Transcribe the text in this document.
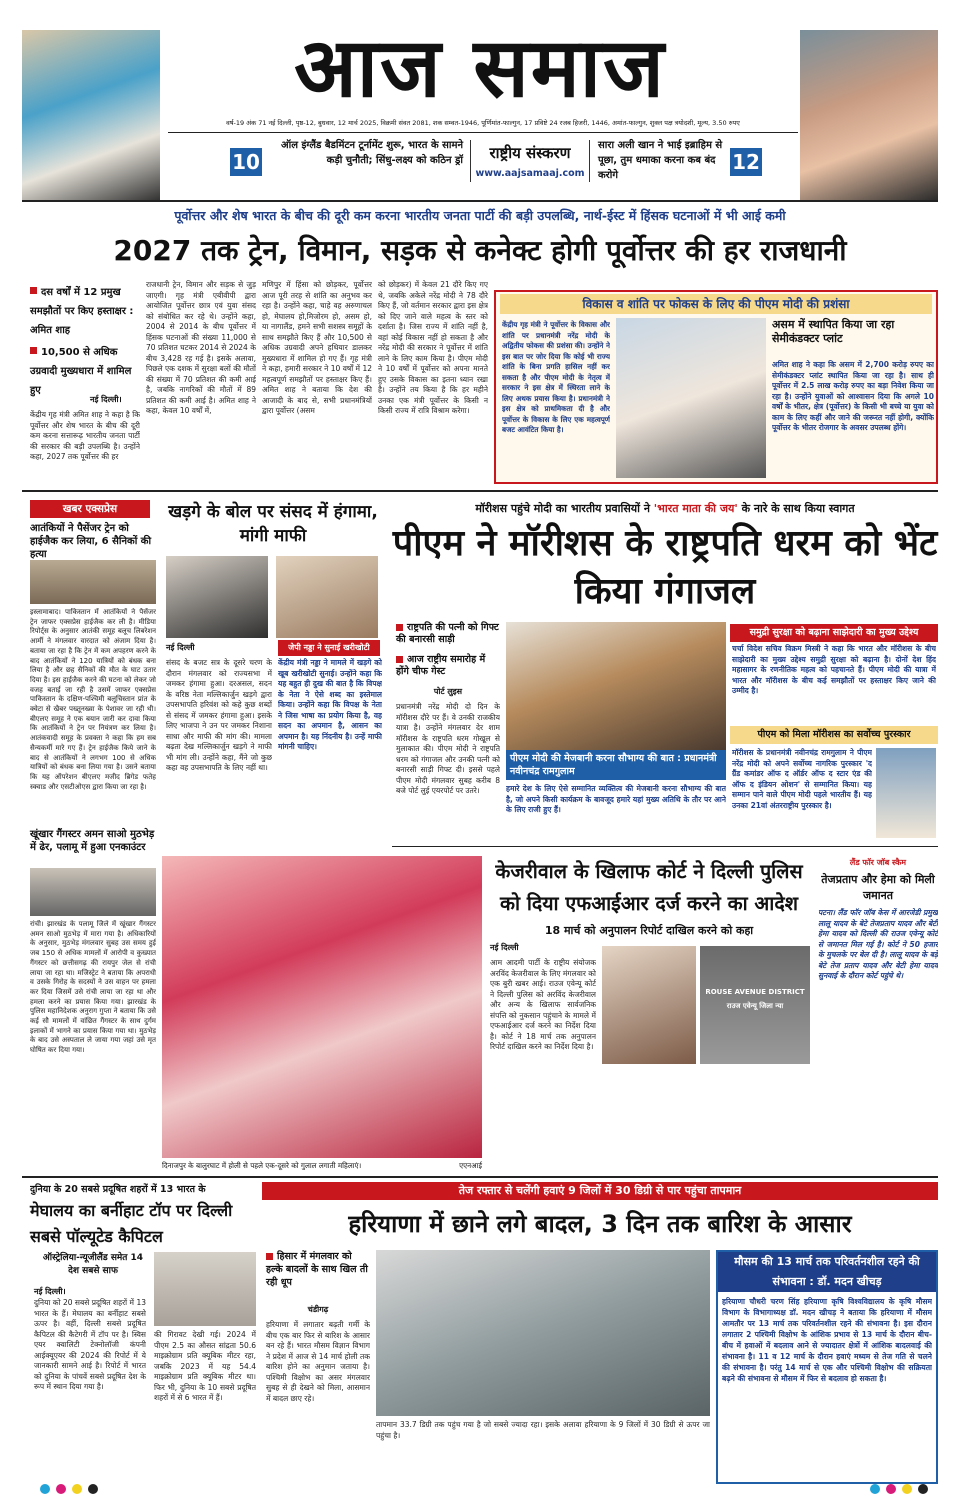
आज समाज
वर्ष-19 अंक 71 नई दिल्ली, पृष्ठ-12, बुधवार, 12 मार्च 2025, विक्रमी संवत 2081, शक सम्वत-1946, पूर्णिमांत-फाल्गुन, 17 प्रविष्टे 24 रजब हिजरी, 1446, अमांत-फाल्गुन, शुक्ल पक्ष त्रयोदशी, मूल्य, 3.50 रुपए
10
ऑल इंग्लैंड बैडमिंटन टूर्नामेंट शुरू, भारत के सामने कड़ी चुनौती; सिंधु-लक्ष्य को कठिन ड्रॉ	राष्ट्रीय संस्करण
www.aajsamaaj.com
सारा अली खान ने भाई इब्राहिम से पूछा, तुम धमाका करना कब बंद करोगे
12
पूर्वोत्तर और शेष भारत के बीच की दूरी कम करना भारतीय जनता पार्टी की बड़ी उपलब्धि, नार्थ-ईस्ट में हिंसक घटनाओं में भी आई कमी
2027 तक ट्रेन, विमान, सड़क से कनेक्ट होगी पूर्वोत्तर की हर राजधानी
दस वर्षों में 12 प्रमुख समझौतों पर किए हस्ताक्षर : अमित शाह
10,500 से अधिक उग्रवादी मुख्यधारा में शामिल हुए
नई दिल्ली।
केंद्रीय गृह मंत्री अमित शाह ने कहा है कि पूर्वोत्तर और शेष भारत के बीच की दूरी कम करना सत्तारूढ़ भारतीय जनता पार्टी की सरकार की बड़ी उपलब्धि है। उन्होंने कहा, 2027 तक पूर्वोत्तर की हर
राजधानी ट्रेन, विमान और सड़क से जुड़ जाएगी। गृह मंत्री एबीवीपी द्वारा आयोजित पूर्वोत्तर छात्र एवं युवा संसद को संबोधित कर रहे थे। उन्होंने कहा, 2004 से 2014 के बीच पूर्वोत्तर में हिंसक घटनाओं की संख्या 11,000 से 70 प्रतिशत घटकर 2014 से 2024 के बीच 3,428 रह गई है। इसके अलावा, पिछले एक दशक में सुरक्षा बलों की मौतों की संख्या में 70 प्रतिशत की कमी आई है, जबकि नागरिकों की मौतों में 89 प्रतिशत की कमी आई है। अमित शाह ने कहा, केवल 10 वर्षों में,
मणिपुर में हिंसा को छोड़कर, पूर्वोत्तर आज पूरी तरह से शांति का अनुभव कर रहा है। उन्होंने कहा, चाहे वह अरुणाचल हो, मेघालय हो,मिजोरम हो, असम हो, या नागालैंड, हमने सभी सशस्त्र समूहों के साथ समझौते किए हैं और 10,500 से अधिक उग्रवादी अपने हथियार डालकर मुख्यधारा में शामिल हो गए हैं। गृह मंत्री ने कहा, हमारी सरकार ने 10 वर्षों में 12 महत्वपूर्ण समझौतों पर हस्ताक्षर किए हैं। अमित शाह ने बताया कि देश की आजादी के बाद से, सभी प्रधानमंत्रियों द्वारा पूर्वोत्तर (असम
को छोड़कर) में केवल 21 दौरे किए गए थे, जबकि अकेले नरेंद्र मोदी ने 78 दौरे किए हैं, जो वर्तमान सरकार द्वारा इस क्षेत्र को दिए जाने वाले महत्व के स्तर को दर्शाता है। जिस राज्य में शांति नहीं है, वहां कोई विकास नहीं हो सकता है और नरेंद्र मोदी की सरकार ने पूर्वोत्तर में शांति लाने के लिए काम किया है। पीएम मोदी ने 10 वर्षों में पूर्वोत्तर को अपना मानते हुए उसके विकास का इतना ध्यान रखा है। उन्होंने तय किया है कि हर महीने उनका एक मंत्री पूर्वोत्तर के किसी न किसी राज्य में रात्रि विश्राम करेगा।
विकास व शांति पर फोकस के लिए की पीएम मोदी की प्रशंसा
केंद्रीय गृह मंत्री ने पूर्वोत्तर के विकास और शांति पर प्रधानमंत्री नरेंद्र मोदी के अद्वितीय फोकस की प्रशंसा की। उन्होंने ने इस बात पर जोर दिया कि कोई भी राज्य शांति के बिना प्रगति हासिल नहीं कर सकता है और पीएम मोदी के नेतृत्व में सरकार ने इस क्षेत्र में स्थिरता लाने के लिए अथक प्रयास किया है। प्रधानमंत्री ने इस क्षेत्र को प्राथमिकता दी है और पूर्वोत्तर के विकास के लिए एक महत्वपूर्ण बजट आवंटित किया है।
असम में स्थापित किया जा रहा सेमीकंडक्टर प्लांट
अमित शाह ने कहा कि असम में 2,700 करोड़ रुपए का सेमीकंडक्टर प्लांट स्थापित किया जा रहा है। साथ ही पूर्वोत्तर में 2.5 लाख करोड़ रुपए का बड़ा निवेश किया जा रहा है। उन्होंने युवाओं को आश्वासन दिया कि अगले 10 वर्षों के भीतर, क्षेत्र (पूर्वोत्तर) के किसी भी बच्चे या युवा को काम के लिए कहीं और जाने की जरूरत नहीं होगी, क्योंकि पूर्वोत्तर के भीतर रोजगार के अवसर उपलब्ध होंगे।
खबर एक्सप्रेस
आतंकियों ने पैसेंजर ट्रेन को हाईजैक कर लिया, 6 सैनिकों की हत्या
इस्लामाबाद। पाकिस्तान में आतंकियों ने पैसेंजर ट्रेन जाफर एक्सप्रेस हाईजैक कर ली है। मीडिया रिपोर्ट्स के अनुसार आतंकी समूह बलूच लिबरेशन आर्मी ने मंगलवार वारदात को अंजाम दिया है। बताया जा रहा है कि ट्रेन में कम अपहरण करने के बाद आतंकियों ने 120 यात्रियों को बंधक बना लिया है और छह सैनिकों की मौत के घाट उतार दिया है। इस हाईजैक करने की घटना को लेकर जो वजह बताई जा रही है उसमें जाफर एक्सप्रेस पाकिस्तान के दक्षिण-पश्चिमी बलूचिस्तान प्रांत के क्वेटा से खैबर पख्तूनख्वा के पेशावर जा रही थी। बीएलए समूह ने एक बयान जारी कर दावा किया कि आतंकियों ने ट्रेन पर नियंत्रण कर लिया है। आतंकवादी समूह के प्रवक्ता ने कहा कि हम सब सैन्यकर्मी मारे गए हैं। ट्रेन हाईजैक किये जाने के बाद से आतंकियों ने लगभग 100 से अधिक यात्रियों को बंधक बना लिया गया है। उसने बताया कि यह ऑपरेशन बीएलए मजीद ब्रिगेड फतेह स्क्वाड और एसटीओएस द्वारा किया जा रहा है।
खूंखार गैंगस्टर अमन साओ मुठभेड़ में ढेर, पलामू में हुआ एनकाउंटर
रांची। झारखंड के पलामू जिले में खूंखार गैंगस्टर अमन साओ मुठभेड़ में मारा गया है। अधिकारियों के अनुसार, मुठभेड़ मंगलवार सुबह उस समय हुई जब 150 से अधिक मामलों में आरोपी व कुख्यात गैंगस्टर को छत्तीसगढ़ की रायपुर जेल से रांची लाया जा रहा था। मजिस्ट्रेट ने बताया कि अपराधी व उसके गिरोह के सदस्यों ने उस वाहन पर हमला कर दिया जिसमें उसे रांची लाया जा रहा था और हमला करने का प्रयास किया गया। झारखंड के पुलिस महानिदेशक अनुराग गुप्ता ने बताया कि उसे कई सौ मामलों में वांछित गैंगस्टर के साथ दुर्गम इलाकों में भागने का प्रयास किया गया था। मुठभेड़ के बाद उसे अस्पताल ले जाया गया जहां उसे मृत घोषित कर दिया गया।
खड़गे के बोल पर संसद में हंगामा, मांगी माफी
नई दिल्ली	जेपी नड्डा ने सुनाई खरीखोटी
संसद के बजट सत्र के दूसरे चरण के दौरान मंगलवार को राज्यसभा में जमकर हंगामा हुआ। दरअसल, सदन के वरिष्ठ नेता मल्लिकार्जुन खड़गे द्वारा उपसभापति हरिवंश को कहे कुछ शब्दों से संसद में जमकर हंगामा हुआ। इसके लिए भाजपा ने उन पर जमकर निशाना साधा और माफी की मांग की। मामला बढ़ता देख मल्लिकार्जुन खड़गे ने माफी भी मांग ली। उन्होंने कहा, मैंने जो कुछ कहा वह उपसभापति के लिए नहीं था।
केंद्रीय मंत्री नड्डा ने मामले में खड़गे को खूब खरीखोटी सुनाई। उन्होंने कहा कि यह बहुत ही दुख की बात है कि विपक्ष के नेता ने ऐसे शब्द का इस्तेमाल किया। उन्होंने कहा कि विपक्ष के नेता ने जिस भाषा का प्रयोग किया है, वह सदन का अपमान है, आसन का अपमान है। यह निंदनीय है। उन्हें माफी मांगनी चाहिए।
मॉरीशस पहुंचे मोदी का भारतीय प्रवासियों ने 'भारत माता की जय' के नारे के साथ किया स्वागत
पीएम ने मॉरीशस के राष्ट्रपति धरम को भेंट किया गंगाजल
राष्ट्रपति की पत्नी को गिफ्ट की बनारसी साड़ी
आज राष्ट्रीय समारोह में होंगे चीफ गेस्ट
पोर्ट लुइस
प्रधानमंत्री नरेंद्र मोदी दो दिन के मॉरीशस दौरे पर हैं। वे उनकी राजकीय यात्रा है। उन्होंने मंगलवार देर शाम मॉरीशस के राष्ट्रपति धरम गोखूल से मुलाकात की। पीएम मोदी ने राष्ट्रपति धरम को गंगाजल और उनकी पत्नी को बनारसी साड़ी गिफ्ट दी। इससे पहले पीएम मोदी मंगलवार सुबह करीब 8 बजे पोर्ट लुई एयरपोर्ट पर उतरे।
पीएम मोदी की मेजबानी करना सौभाग्य की बात : प्रधानमंत्री नवीनचंद्र रामगुलाम
हमारे देश के लिए ऐसे सम्मानित व्यक्तित्व की मेजबानी करना सौभाग्य की बात है, जो अपने किसी कार्यक्रम के बावजूद हमारे यहां मुख्य अतिथि के तौर पर आने के लिए राजी हुए हैं।
समुद्री सुरक्षा को बढ़ाना साझेदारी का मुख्य उद्देश्य
चर्चा विदेश सचिव विक्रम मिस्त्री ने कहा कि भारत और मॉरीशस के बीच साझेदारी का मुख्य उद्देश्य समुद्री सुरक्षा को बढ़ाना है। दोनों देश हिंद महासागर के रणनीतिक महत्व को पहचानते हैं। पीएम मोदी की यात्रा में भारत और मॉरीशस के बीच कई समझौतों पर हस्ताक्षर किए जाने की उम्मीद है।
पीएम को मिला मॉरीशस का सर्वोच्च पुरस्कार
मॉरीशस के प्रधानमंत्री नवीनचंद्र रामगुलाम ने पीएम नरेंद्र मोदी को अपने सर्वोच्च नागरिक पुरस्कार 'द ग्रैंड कमांडर ऑफ द ऑर्डर ऑफ द स्टार एंड की ऑफ द इंडियन ओशन' से सम्मानित किया। यह सम्मान पाने वाले पीएम मोदी पहले भारतीय हैं। यह उनका 21वां अंतरराष्ट्रीय पुरस्कार है।
दिनाजपुर के बालुरघाट में होली से पहले एक-दूसरे को गुलाल लगाती महिलाएं।	एएनआई
केजरीवाल के खिलाफ कोर्ट ने दिल्ली पुलिस को दिया एफआईआर दर्ज करने का आदेश
18 मार्च को अनुपालन रिपोर्ट दाखिल करने को कहा
नई दिल्ली
आम आदमी पार्टी के राष्ट्रीय संयोजक अरविंद केजरीवाल के लिए मंगलवार को एक बुरी खबर आई। राउज एवेन्यू कोर्ट ने दिल्ली पुलिस को अरविंद केजरीवाल और अन्य के खिलाफ सार्वजनिक संपत्ति को नुकसान पहुंचाने के मामले में एफआईआर दर्ज करने का निर्देश दिया है। कोर्ट ने 18 मार्च तक अनुपालन रिपोर्ट दाखिल करने का निर्देश दिया है।
ROUSE AVENUE DISTRICT
राउज एवेन्यू जिला न्या
लैंड फॉर जॉब स्कैम
तेजप्रताप और हेमा को मिली जमानत
पटना। लैंड फॉर जॉब केस में आरजेडी प्रमुख लालू यादव के बेटे तेजप्रताप यादव और बेटी हेमा यादव को दिल्ली की राउज एवेन्यू कोर्ट से जमानत मिल गई है। कोर्ट ने 50 हजार के मुचलके पर बेल दी है। लालू यादव के बड़े बेटे तेज प्रताप यादव और बेटी हेमा यादव सुनवाई के दौरान कोर्ट पहुंचे थे।
दुनिया के 20 सबसे प्रदूषित शहरों में 13 भारत के
मेघालय का बर्नीहाट टॉप पर दिल्ली सबसे पॉल्यूटेड कैपिटल
ऑस्ट्रेलिया-न्यूजीलैंड समेत 14 देश सबसे साफ
नई दिल्ली।
दुनिया को 20 सबसे प्रदूषित शहरों में 13 भारत के हैं। मेघालय का बर्नीहाट सबसे ऊपर है। वहीं, दिल्ली सबसे प्रदूषित कैपिटल की कैटेगरी में टॉप पर है। स्विस एयर क्वालिटी टेक्नोलॉजी कंपनी आईक्यूएयर की 2024 की रिपोर्ट में ये जानकारी सामने आई है। रिपोर्ट में भारत को दुनिया के पांचवें सबसे प्रदूषित देश के रूप में स्थान दिया गया है।
की गिरावट देखी गई। 2024 में पीएम 2.5 का औसत सांद्रता 50.6 माइक्रोग्राम प्रति क्यूबिक मीटर रहा, जबकि 2023 में यह 54.4 माइक्रोग्राम प्रति क्यूबिक मीटर था। फिर भी, दुनिया के 10 सबसे प्रदूषित शहरों में से 6 भारत में हैं।
तेज रफ्तार से चलेंगी हवाएं 9 जिलों में 30 डिग्री से पार पहुंचा तापमान
हरियाणा में छाने लगे बादल, 3 दिन तक बारिश के आसार
हिसार में मंगलवार को हल्के बादलों के साथ खिल ती रही धूप
चंडीगढ़
हरियाणा में लगातार बढ़ती गर्मी के बीच एक बार फिर से बारिश के आसार बन रहे हैं। भारत मौसम विज्ञान विभाग ने प्रदेश में आज से 14 मार्च होली तक बारिश होने का अनुमान जताया है। पश्चिमी विक्षोभ का असर मंगलवार सुबह से ही देखने को मिला, आसमान में बादल छाए रहे।
तापमान 33.7 डिग्री तक पहुंच गया है जो सबसे ज्यादा रहा। इसके अलावा हरियाणा के 9 जिलों में 30 डिग्री से ऊपर जा पहुंचा है।
मौसम की 13 मार्च तक परिवर्तनशील रहने की संभावना : डॉ. मदन खीचड़
हरियाणा चौधरी चरण सिंह हरियाणा कृषि विश्वविद्यालय के कृषि मौसम विभाग के विभागाध्यक्ष डॉ. मदन खीचड़ ने बताया कि हरियाणा में मौसम आमतौर पर 13 मार्च तक परिवर्तनशील रहने की संभावना है। इस दौरान लगातार 2 पश्चिमी विक्षोभ के आंशिक प्रभाव से 13 मार्च के दौरान बीच-बीच में हवाओं में बदलाव आने से ज्यादातर क्षेत्रों में आंशिक बादलवाई की संभावना है। 11 व 12 मार्च के दौरान हवाएं मध्यम से तेज गति से चलने की संभावना है। परंतु 14 मार्च से एक और पश्चिमी विक्षोभ की सक्रियता बढ़ने की संभावना से मौसम में फिर से बदलाव हो सकता है।
